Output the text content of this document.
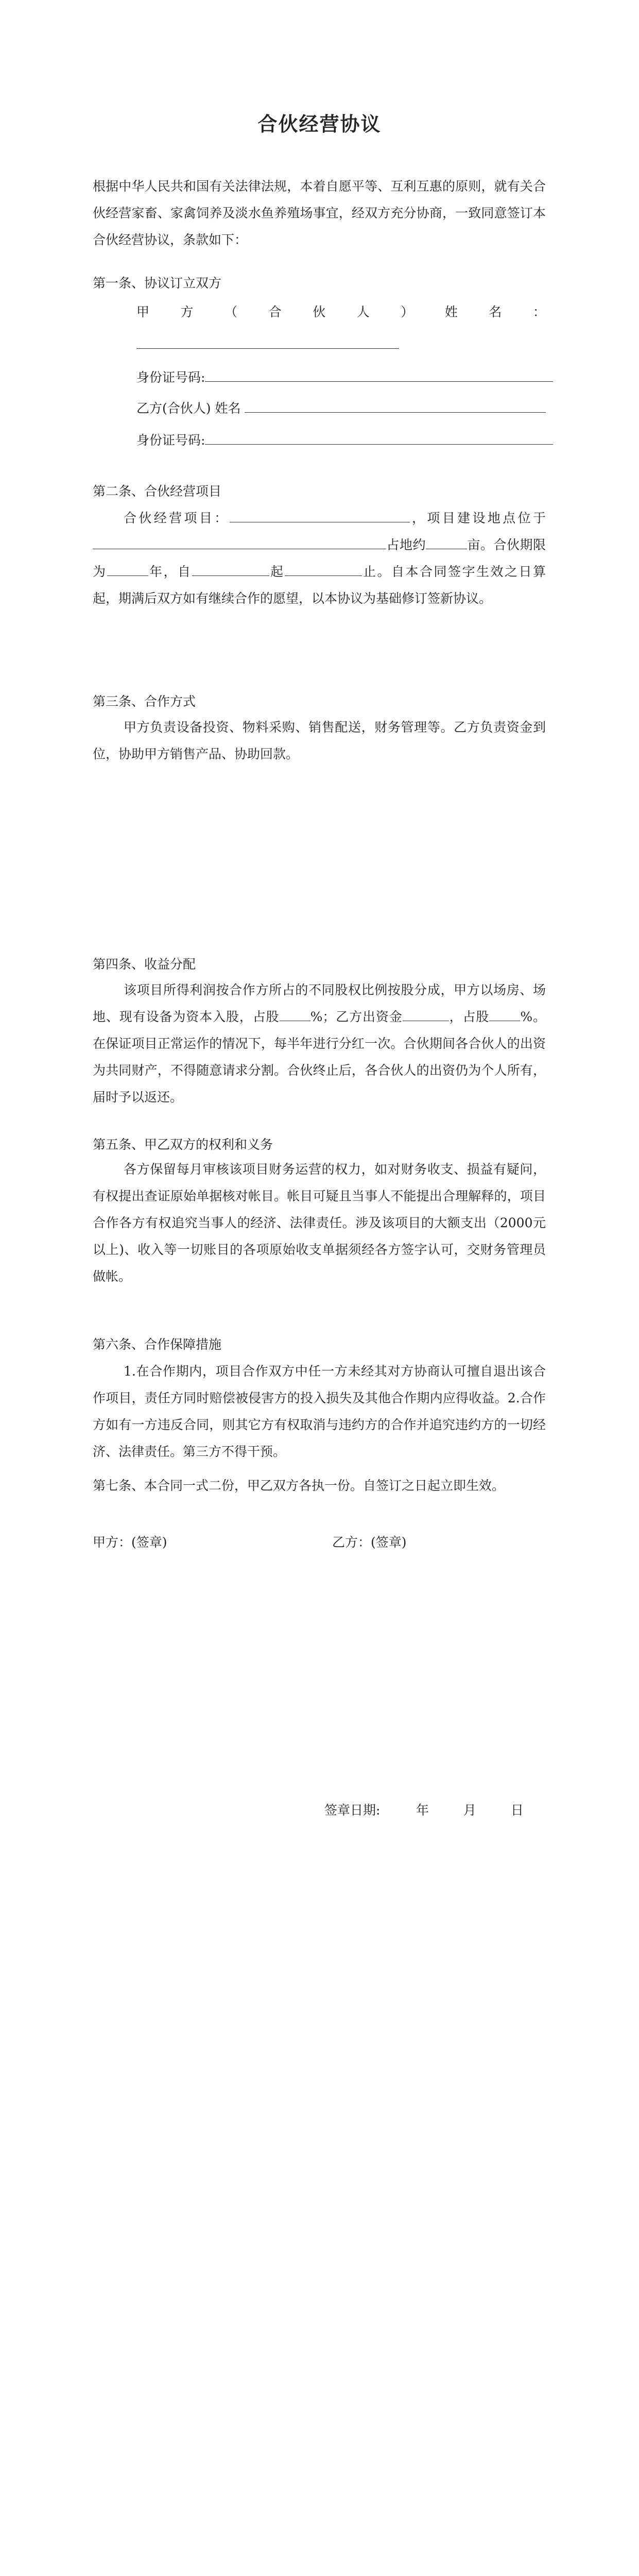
合伙经营协议
根据中华人民共和国有关法律法规，本着自愿平等、互利互惠的原则，就有关合伙经营家畜、家禽饲养及淡水鱼养殖场事宜，经双方充分协商，一致同意签订本合伙经营协议，条款如下：
第一条、协议订立双方
甲 方 （ 合 伙 人 ） 姓 名 ：
身份证号码:
乙方(合伙人) 姓名
身份证号码:
第二条、合伙经营项目
合伙经营项目：	，项目建设地点位于占地约	亩。合伙期限为	年，自	起	止。自本合同签字生效之日算起，期满后双方如有继续合作的愿望，以本协议为基础修订签新协议。
第三条、合作方式
甲方负责设备投资、物料采购、销售配送，财务管理等。乙方负责资金到位，协助甲方销售产品、协助回款。
第四条、收益分配
该项目所得利润按合作方所占的不同股权比例按股分成，甲方以场房、场地、现有设备为资本入股，占股 %；乙方出资金	，占股 %。在保证项目正常运作的情况下，每半年进行分红一次。合伙期间各合伙人的出资为共同财产，不得随意请求分割。合伙终止后，各合伙人的出资仍为个人所有，届时予以返还。
第五条、甲乙双方的权利和义务
各方保留每月审核该项目财务运营的权力，如对财务收支、损益有疑问，有权提出查证原始单据核对帐目。帐目可疑且当事人不能提出合理解释的，项目合作各方有权追究当事人的经济、法律责任。涉及该项目的大额支出（2000元以上)、收入等一切账目的各项原始收支单据须经各方签字认可，交财务管理员做帐。
第六条、合作保障措施
1.在合作期内，项目合作双方中任一方未经其对方协商认可擅自退出该合作项目，责任方同时赔偿被侵害方的投入损失及其他合作期内应得收益。2.合作方如有一方违反合同，则其它方有权取消与违约方的合作并追究违约方的一切经济、法律责任。第三方不得干预。
第七条、本合同一式二份，甲乙双方各执一份。自签订之日起立即生效。
甲方：(签章)	乙方：(签章)
签章日期:	年	月	日
